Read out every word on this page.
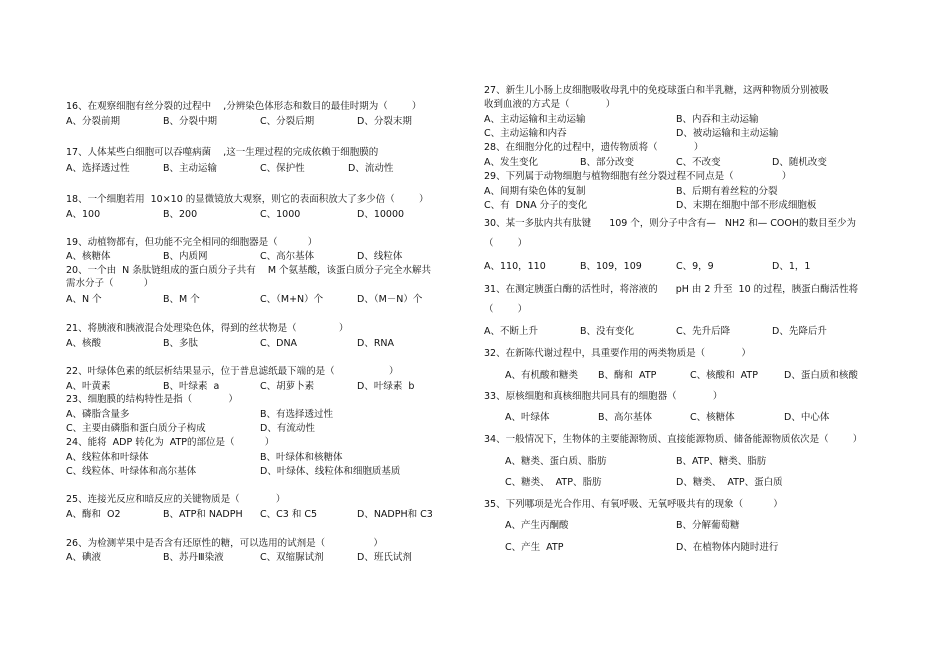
16、在观察细胞有丝分裂的过程中    ,分辨染色体形态和数目的最佳时期为（        ）
A、分裂前期	B、分裂中期	C、分裂后期	D、分裂末期
17、人体某些白细胞可以吞噬病菌    ,这一生理过程的完成依赖于细胞膜的
A、选择透过性	B、主动运输	C、保护性	D、流动性
18、一个细胞若用  10×10 的显微镜放大观察，则它的表面积放大了多少倍（        ）
A、100	B、200	C、1000	D、10000
19、动植物都有，但功能不完全相同的细胞器是（          ）
A、核糖体	B、内质网	C、高尔基体	D、线粒体
20、一个由  N 条肽链组成的蛋白质分子共有    M 个氨基酸，该蛋白质分子完全水解共
需水分子（          ）
A、N 个	B、M 个	C、（M+N）个	D、（M－N）个
21、将胰液和胰液混合处理染色体，得到的丝状物是（              ）
A、核酸	B、多肽	C、DNA	D、RNA
22、叶绿体色素的纸层析结果显示，位于普息滤纸最下端的是（                  ）
A、叶黄素	B、叶绿素  a	C、胡萝卜素	D、叶绿素  b
23、细胞膜的结构特性是指（            ）
A、磷脂含量多	B、有选择透过性
C、主要由磷脂和蛋白质分子构成	D、有流动性
24、能将  ADP 转化为  ATP的部位是（          ）
A、线粒体和叶绿体	B、叶绿体和核糖体
C、线粒体、叶绿体和高尔基体	D、叶绿体、线粒体和细胞质基质
25、连接光反应和暗反应的关键物质是（            ）
A、酶和  O2	B、ATP和 NADPH C、C3 和 C5	D、NADPH和 C3
26、为检测苹果中是否含有还原性的糖，可以选用的试剂是（                ）
A、碘液	B、苏丹Ⅲ染液	C、双缩脲试剂	D、班氏试剂
27、新生儿小肠上皮细胞吸收母乳中的免疫球蛋白和半乳糖，这两种物质分别被吸
收到血液的方式是（            ）
A、主动运输和主动运输	B、内吞和主动运输
C、主动运输和内吞	D、被动运输和主动运输
28、在细胞分化的过程中，遗传物质将（            ）
A、发生变化	B、部分改变	C、不改变	D、随机改变
29、下列属于动物细胞与植物细胞有丝分裂过程不同点是（                ）
A、间期有染色体的复制	B、后期有着丝粒的分裂
C、有  DNA 分子的变化	D、末期在细胞中部不形成细胞板
30、某一多肽内共有肽键      109 个，则分子中含有—   NH2 和— COOH的数目至少为
（        ）
A、110，110	B、109，109	C、9，9	D、1，1
31、在测定胰蛋白酶的活性时，将溶液的      pH 由 2 升至  10 的过程，胰蛋白酶活性将
（        ）
A、不断上升	B、没有变化	C、先升后降	D、先降后升
32、在新陈代谢过程中，具重要作用的两类物质是（            ）
A、有机酸和糖类 B、酶和  ATP	C、核酸和  ATP	D、蛋白质和核酸
33、原核细胞和真核细胞共同具有的细胞器（            ）
A、叶绿体	B、高尔基体	C、核糖体	D、中心体
34、一般情况下，生物体的主要能源物质、直接能源物质、储备能源物质依次是（        ）
A、糖类、蛋白质、脂肪	B、ATP、糖类、脂肪
C、糖类、  ATP、脂肪	D、糖类、  ATP、蛋白质
35、下列哪项是光合作用、有氧呼吸、无氧呼吸共有的现象（          ）
A、产生丙酮酸	B、分解葡萄糖
C、产生  ATP	D、在植物体内随时进行
